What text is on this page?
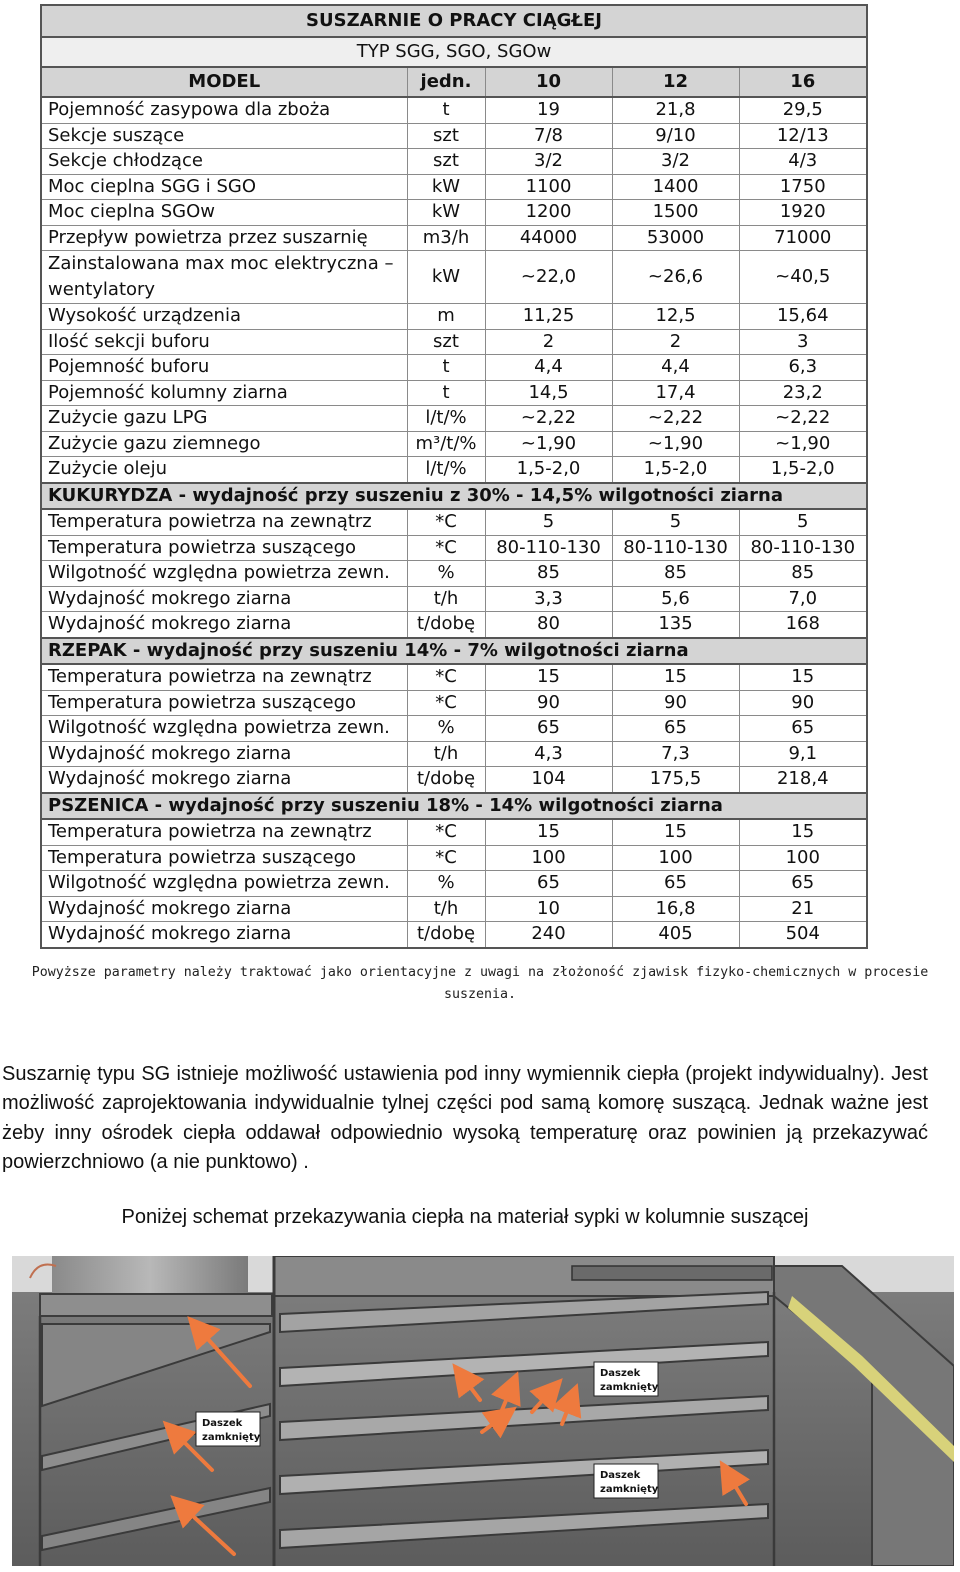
SUSZARNIE O PRACY CIĄGŁEJ				
TYP SGG, SGO, SGOw				
MODEL	jedn.	10	12	16
Pojemność zasypowa dla zboża	t	19	21,8	29,5
Sekcje suszące	szt	7/8	9/10	12/13
Sekcje chłodzące	szt	3/2	3/2	4/3
Moc cieplna SGG i SGO	kW	1100	1400	1750
Moc cieplna SGOw	kW	1200	1500	1920
Przepływ powietrza przez suszarnię	m3/h	44000	53000	71000
Zainstalowana max moc elektryczna – wentylatory	kW	~22,0	~26,6	~40,5
Wysokość urządzenia	m	11,25	12,5	15,64
Ilość sekcji buforu	szt	2	2	3
Pojemność buforu	t	4,4	4,4	6,3
Pojemność kolumny ziarna	t	14,5	17,4	23,2
Zużycie gazu LPG	l/t/%	~2,22	~2,22	~2,22
Zużycie gazu ziemnego	m³/t/%	~1,90	~1,90	~1,90
Zużycie oleju	l/t/%	1,5-2,0	1,5-2,0	1,5-2,0
KUKURYDZA - wydajność przy suszeniu z 30% - 14,5% wilgotności ziarna				
Temperatura powietrza na zewnątrz	*C	5	5	5
Temperatura powietrza suszącego	*C	80-110-130	80-110-130	80-110-130
Wilgotność względna powietrza zewn.	%	85	85	85
Wydajność mokrego ziarna	t/h	3,3	5,6	7,0
Wydajność mokrego ziarna	t/dobę	80	135	168
RZEPAK - wydajność przy suszeniu 14% - 7% wilgotności ziarna				
Temperatura powietrza na zewnątrz	*C	15	15	15
Temperatura powietrza suszącego	*C	90	90	90
Wilgotność względna powietrza zewn.	%	65	65	65
Wydajność mokrego ziarna	t/h	4,3	7,3	9,1
Wydajność mokrego ziarna	t/dobę	104	175,5	218,4
PSZENICA - wydajność przy suszeniu 18% - 14% wilgotności ziarna				
Temperatura powietrza na zewnątrz	*C	15	15	15
Temperatura powietrza suszącego	*C	100	100	100
Wilgotność względna powietrza zewn.	%	65	65	65
Wydajność mokrego ziarna	t/h	10	16,8	21
Wydajność mokrego ziarna	t/dobę	240	405	504
Powyższe parametry należy traktować jako orientacyjne z uwagi na złożoność zjawisk fizyko-chemicznych w procesie suszenia.
Suszarnię typu SG istnieje możliwość ustawienia pod inny wymiennik ciepła (projekt indywidualny). Jest możliwość zaprojektowania indywidualnie tylnej części pod samą komorę suszącą. Jednak ważne jest żeby inny ośrodek ciepła oddawał odpowiednio wysoką temperaturę oraz powinien ją przekazywać powierzchniowo (a nie punktowo) .
Poniżej schemat przekazywania ciepła na materiał sypki w kolumnie suszącej
Daszek
zamknięty
Daszek
zamknięty
Daszek
zamknięty
